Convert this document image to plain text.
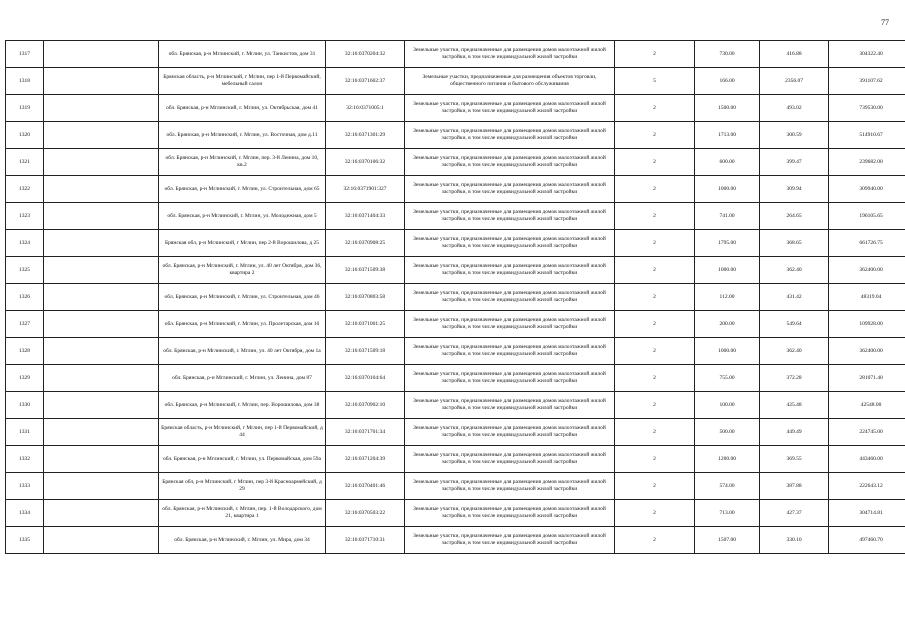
77
1317		обл. Брянская, р-н Мглинский, г. Мглин, ул. Танкистов, дом 31	32:16:0370204:32	Земельные участки, предназначенные для размещения домов малоэтажной жилой застройки, в том числе индивидуальной жилой застройки	2	730.00	416.88	304322.40
1318		Брянская область, р-н Мглинский, г Мглин, пер 1-й Первомайский, мебельный салон	32:16:0371602:37	Земельные участки, предназначенные для размещения объектов торговли, общественного питания и бытового обслуживания	5	166.00	2356.07	391107.62
1319		обл. Брянская, р-н Мглинский, г. Мглин, ул. Октябрьская, дом 41	32:16:0371005:1	Земельные участки, предназначенные для размещения домов малоэтажной жилой застройки, в том числе индивидуальной жилой застройки	2	1500.00	493.02	739530.00
1320		обл. Брянская, р-н Мглинский, г. Мглин, ул. Восточная, дом д.11	32:16:0371301:29	Земельные участки, предназначенные для размещения домов малоэтажной жилой застройки, в том числе индивидуальной жилой застройки	2	1713.00	300.59	514910.67
1321		обл. Брянская, р-н Мглинский, г. Мглин, пер. 3-й Ленина, дом 10, кв.2	32:16:0370106:32	Земельные участки, предназначенные для размещения домов малоэтажной жилой застройки, в том числе индивидуальной жилой застройки	2	600.00	399.47	239682.00
1322		обл. Брянская, р-н Мглинский, г. Мглин, ул. Строительная, дом 65	32:16:0371901:327	Земельные участки, предназначенные для размещения домов малоэтажной жилой застройки, в том числе индивидуальной жилой застройки	2	1000.00	309.94	309940.00
1323		обл. Брянская, р-н Мглинский, г. Мглин, ул. Молодежная, дом 5	32:16:0371404:33	Земельные участки, предназначенные для размещения домов малоэтажной жилой застройки, в том числе индивидуальной жилой застройки	2	741.00	264.65	196105.65
1324		Брянская обл, р-н Мглинский, г Мглин, пер 2-й Ворошилова, д 25	32:16:0370908:25	Земельные участки, предназначенные для размещения домов малоэтажной жилой застройки, в том числе индивидуальной жилой застройки	2	1795.00	368.65	661726.75
1325		обл. Брянская, р-н Мглинский, г. Мглин, ул. 40 лет Октября, дом 36, квартира 2	32:16:0371509:38	Земельные участки, предназначенные для размещения домов малоэтажной жилой застройки, в том числе индивидуальной жилой застройки	2	1000.00	362.40	362400.00
1326		обл. Брянская, р-н Мглинский, г. Мглин, ул. Строительная, дом 46	32:16:0370803:58	Земельные участки, предназначенные для размещения домов малоэтажной жилой застройки, в том числе индивидуальной жилой застройки	2	112.00	431.42	48319.04
1327		обл. Брянская, р-н Мглинский, г. Мглин, ул. Пролетарская, дом 16	32:16:0371001:25	Земельные участки, предназначенные для размещения домов малоэтажной жилой застройки, в том числе индивидуальной жилой застройки	2	200.00	549.64	109928.00
1328		обл. Брянская, р-н Мглинский, г. Мглин, ул. 40 лет Октября, дом 1а	32:16:0371509:18	Земельные участки, предназначенные для размещения домов малоэтажной жилой застройки, в том числе индивидуальной жилой застройки	2	1000.00	362.40	362400.00
1329		обл. Брянская, р-н Мглинский, г. Мглин, ул. Ленина, дом 87	32:16:0370104:64	Земельные участки, предназначенные для размещения домов малоэтажной жилой застройки, в том числе индивидуальной жилой застройки	2	755.00	372.28	281071.40
1330		обл. Брянская, р-н Мглинский, г. Мглин, пер. Ворошилова, дом 38	32:16:0370902:10	Земельные участки, предназначенные для размещения домов малоэтажной жилой застройки, в том числе индивидуальной жилой застройки	2	100.00	425.48	42548.00
1331		Брянская область, р-н Мглинский, г Мглин, пер 1-й Первомайский, д 44	32:16:0371701:34	Земельные участки, предназначенные для размещения домов малоэтажной жилой застройки, в том числе индивидуальной жилой застройки	2	500.00	449.49	224745.00
1332		обл. Брянская, р-н Мглинский, г. Мглин, ул. Первомайская, дом 59а	32:16:0371204:39	Земельные участки, предназначенные для размещения домов малоэтажной жилой застройки, в том числе индивидуальной жилой застройки	2	1200.00	369.55	443460.00
1333		Брянская обл, р-н Мглинский, г Мглин, пер 3-й Красноармейский, д 29	32:16:0370401:46	Земельные участки, предназначенные для размещения домов малоэтажной жилой застройки, в том числе индивидуальной жилой застройки	2	574.00	387.88	222643.12
1334		обл. Брянская, р-н Мглинский, г. Мглин, пер. 1-й Володарского, дом 21, квартира 1	32:16:0370503:22	Земельные участки, предназначенные для размещения домов малоэтажной жилой застройки, в том числе индивидуальной жилой застройки	2	713.00	427.37	304714.81
1335		обл. Брянская, р-н Мглинский, г. Мглин, ул. Мира, дом 34	32:16:0371710:31	Земельные участки, предназначенные для размещения домов малоэтажной жилой застройки, в том числе индивидуальной жилой застройки	2	1507.00	330.10	497460.70
